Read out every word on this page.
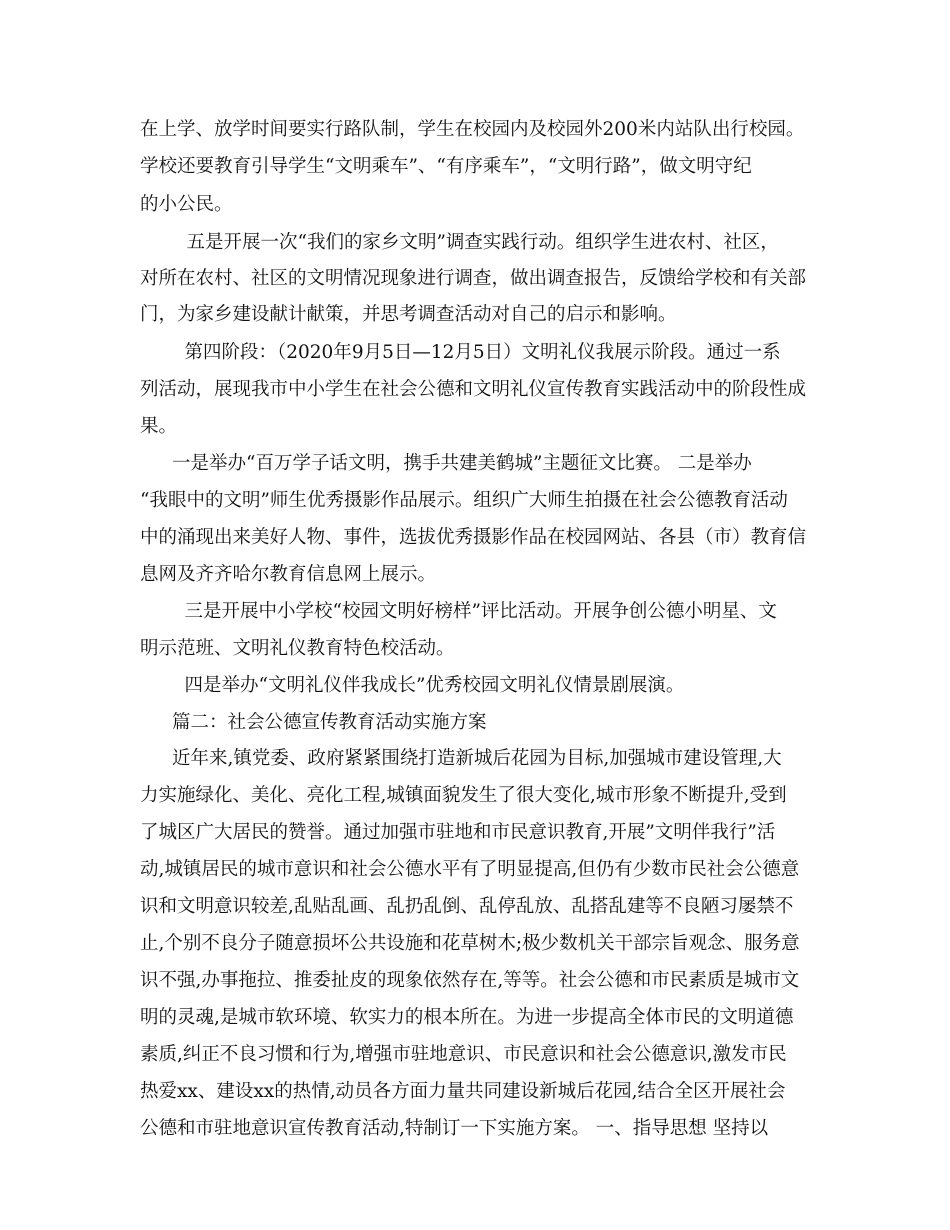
在上学、放学时间要实行路队制，学生在校园内及校园外200米内站队出行校园。
学校还要教育引导学生“文明乘车”、“有序乘车”，“文明行路”，做文明守纪
的小公民。
　五是开展一次“我们的家乡文明”调查实践行动。组织学生进农村、社区，
对所在农村、社区的文明情况现象进行调查，做出调查报告，反馈给学校和有关部
门，为家乡建设献计献策，并思考调查活动对自己的启示和影响。
　第四阶段：（2020年9月5日—12月5日）文明礼仪我展示阶段。通过一系
列活动，展现我市中小学生在社会公德和文明礼仪宣传教育实践活动中的阶段性成
果。
一是举办“百万学子话文明，携手共建美鹤城”主题征文比赛。 二是举办
“我眼中的文明”师生优秀摄影作品展示。组织广大师生拍摄在社会公德教育活动
中的涌现出来美好人物、事件，选拔优秀摄影作品在校园网站、各县（市）教育信
息网及齐齐哈尔教育信息网上展示。
　三是开展中小学校“校园文明好榜样”评比活动。开展争创公德小明星、文
明示范班、文明礼仪教育特色校活动。
　四是举办“文明礼仪伴我成长”优秀校园文明礼仪情景剧展演。
篇二：社会公德宣传教育活动实施方案
近年来,镇党委、政府紧紧围绕打造新城后花园为目标,加强城市建设管理,大
力实施绿化、美化、亮化工程,城镇面貌发生了很大变化,城市形象不断提升,受到
了城区广大居民的赞誉。通过加强市驻地和市民意识教育,开展”文明伴我行”活
动,城镇居民的城市意识和社会公德水平有了明显提高,但仍有少数市民社会公德意
识和文明意识较差,乱贴乱画、乱扔乱倒、乱停乱放、乱搭乱建等不良陋习屡禁不
止,个别不良分子随意损坏公共设施和花草树木;极少数机关干部宗旨观念、服务意
识不强,办事拖拉、推委扯皮的现象依然存在,等等。社会公德和市民素质是城市文
明的灵魂,是城市软环境、软实力的根本所在。为进一步提高全体市民的文明道德
素质,纠正不良习惯和行为,增强市驻地意识、市民意识和社会公德意识,激发市民
热爱xx、建设xx的热情,动员各方面力量共同建设新城后花园,结合全区开展社会
公德和市驻地意识宣传教育活动,特制订一下实施方案。 一、指导思想 坚持以
